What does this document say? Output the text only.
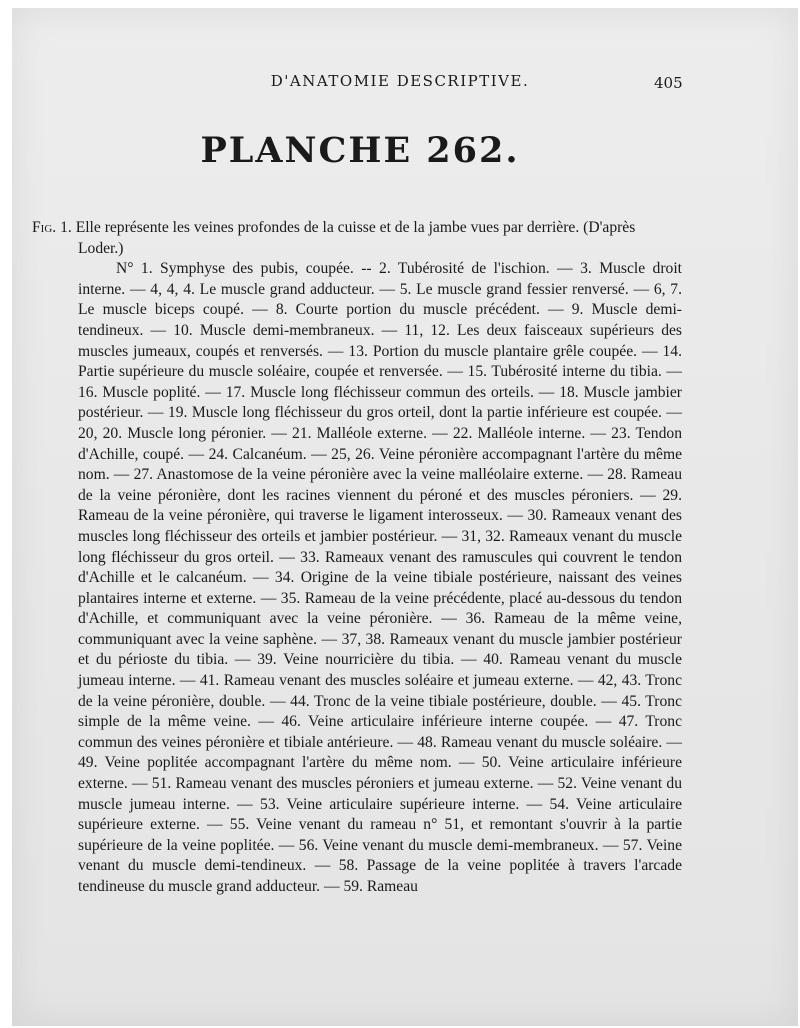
D'ANATOMIE DESCRIPTIVE.	405
PLANCHE 262.

Fig. 1. Elle représente les veines profondes de la cuisse et de la jambe vues par derrière. (D'après Loder.)

N° 1. Symphyse des pubis, coupée. -- 2. Tubérosité de l'ischion. — 3. Muscle droit interne. — 4, 4, 4. Le muscle grand adducteur. — 5. Le muscle grand fessier renversé. — 6, 7. Le muscle biceps coupé. — 8. Courte portion du muscle précédent. — 9. Muscle demi-tendineux. — 10. Muscle demi-membraneux. — 11, 12. Les deux faisceaux supérieurs des muscles jumeaux, coupés et renversés. — 13. Portion du muscle plantaire grêle coupée. — 14. Partie supérieure du muscle soléaire, coupée et renversée. — 15. Tubérosité interne du tibia. — 16. Muscle poplité. — 17. Muscle long fléchisseur commun des orteils. — 18. Muscle jambier postérieur. — 19. Muscle long fléchisseur du gros orteil, dont la partie inférieure est coupée. — 20, 20. Muscle long péronier. — 21. Malléole externe. — 22. Malléole interne. — 23. Tendon d'Achille, coupé. — 24. Calcanéum. — 25, 26. Veine péronière accompagnant l'artère du même nom. — 27. Anastomose de la veine péronière avec la veine malléolaire externe. — 28. Rameau de la veine péronière, dont les racines viennent du péroné et des muscles péroniers. — 29. Rameau de la veine péronière, qui traverse le ligament interosseux. — 30. Rameaux venant des muscles long fléchisseur des orteils et jambier postérieur. — 31, 32. Rameaux venant du muscle long fléchisseur du gros orteil. — 33. Rameaux venant des ramuscules qui couvrent le tendon d'Achille et le calcanéum. — 34. Origine de la veine tibiale postérieure, naissant des veines plantaires interne et externe. — 35. Rameau de la veine précédente, placé au-dessous du tendon d'Achille, et communiquant avec la veine péronière. — 36. Rameau de la même veine, communiquant avec la veine saphène. — 37, 38. Rameaux venant du muscle jambier postérieur et du périoste du tibia. — 39. Veine nourricière du tibia. — 40. Rameau venant du muscle jumeau interne. — 41. Rameau venant des muscles soléaire et jumeau externe. — 42, 43. Tronc de la veine péronière, double. — 44. Tronc de la veine tibiale postérieure, double. — 45. Tronc simple de la même veine. — 46. Veine articulaire inférieure interne coupée. — 47. Tronc commun des veines péronière et tibiale antérieure. — 48. Rameau venant du muscle soléaire. — 49. Veine poplitée accompagnant l'artère du même nom. — 50. Veine articulaire inférieure externe. — 51. Rameau venant des muscles péroniers et jumeau externe. — 52. Veine venant du muscle jumeau interne. — 53. Veine articulaire supérieure interne. — 54. Veine articulaire supérieure externe. — 55. Veine venant du rameau n° 51, et remontant s'ouvrir à la partie supérieure de la veine poplitée. — 56. Veine venant du muscle demi-membraneux. — 57. Veine venant du muscle demi-tendineux. — 58. Passage de la veine poplitée à travers l'arcade tendineuse du muscle grand adducteur. — 59. Rameau
